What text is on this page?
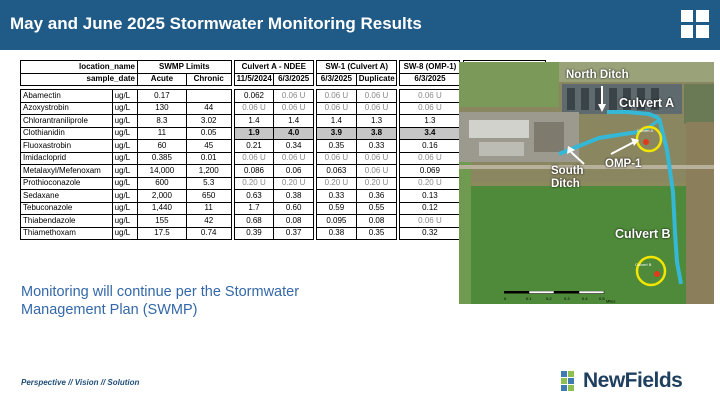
May and June 2025 Stormwater Monitoring Results
location_name		SWMP Limits			Culvert A - NDEE			SW-1 (Culvert A)			SW-8 (OMP-1)		
sample_date		Acute	Chronic		11/5/2024	6/3/2025		6/3/2025	Duplicate		6/3/2025			

Abamectin	ug/L	0.17			0.062	0.06 U		0.06 U	0.06 U		0.06 U			
Azoxystrobin	ug/L	130	44		0.06 U	0.06 U		0.06 U	0.06 U		0.06 U			
Chlorantraniliprole	ug/L	8.3	3.02		1.4	1.4		1.4	1.3		1.3			
Clothianidin	ug/L	11	0.05		1.9	4.0		3.9	3.8		3.4			
Fluoxastrobin	ug/L	60	45		0.21	0.34		0.35	0.33		0.16			
Imidacloprid	ug/L	0.385	0.01		0.06 U	0.06 U		0.06 U	0.06 U		0.06 U			
Metalaxyl/Mefenoxam	ug/L	14,000	1,200		0.086	0.06		0.063	0.06 U		0.069			
Prothioconazole	ug/L	600	5.3		0.20 U	0.20 U		0.20 U	0.20 U		0.20 U			
Sedaxane	ug/L	2,000	650		0.63	0.38		0.33	0.36		0.13			
Tebuconazole	ug/L	1,440	11		1.7	0.60		0.59	0.55		0.12			
Thiabendazole	ug/L	155	42		0.68	0.08		0.095	0.08		0.06 U			
Thiamethoxam	ug/L	17.5	0.74		0.39	0.37		0.38	0.35		0.32			
Culvert A
Culvert B
North Ditch
Culvert A
OMP-1
South Ditch
Culvert B
0	0.1	0.2	0.3	0.4	0.5 Miles
Monitoring will continue per the Stormwater Management Plan (SWMP)
Perspective // Vision // Solution	NewFields
